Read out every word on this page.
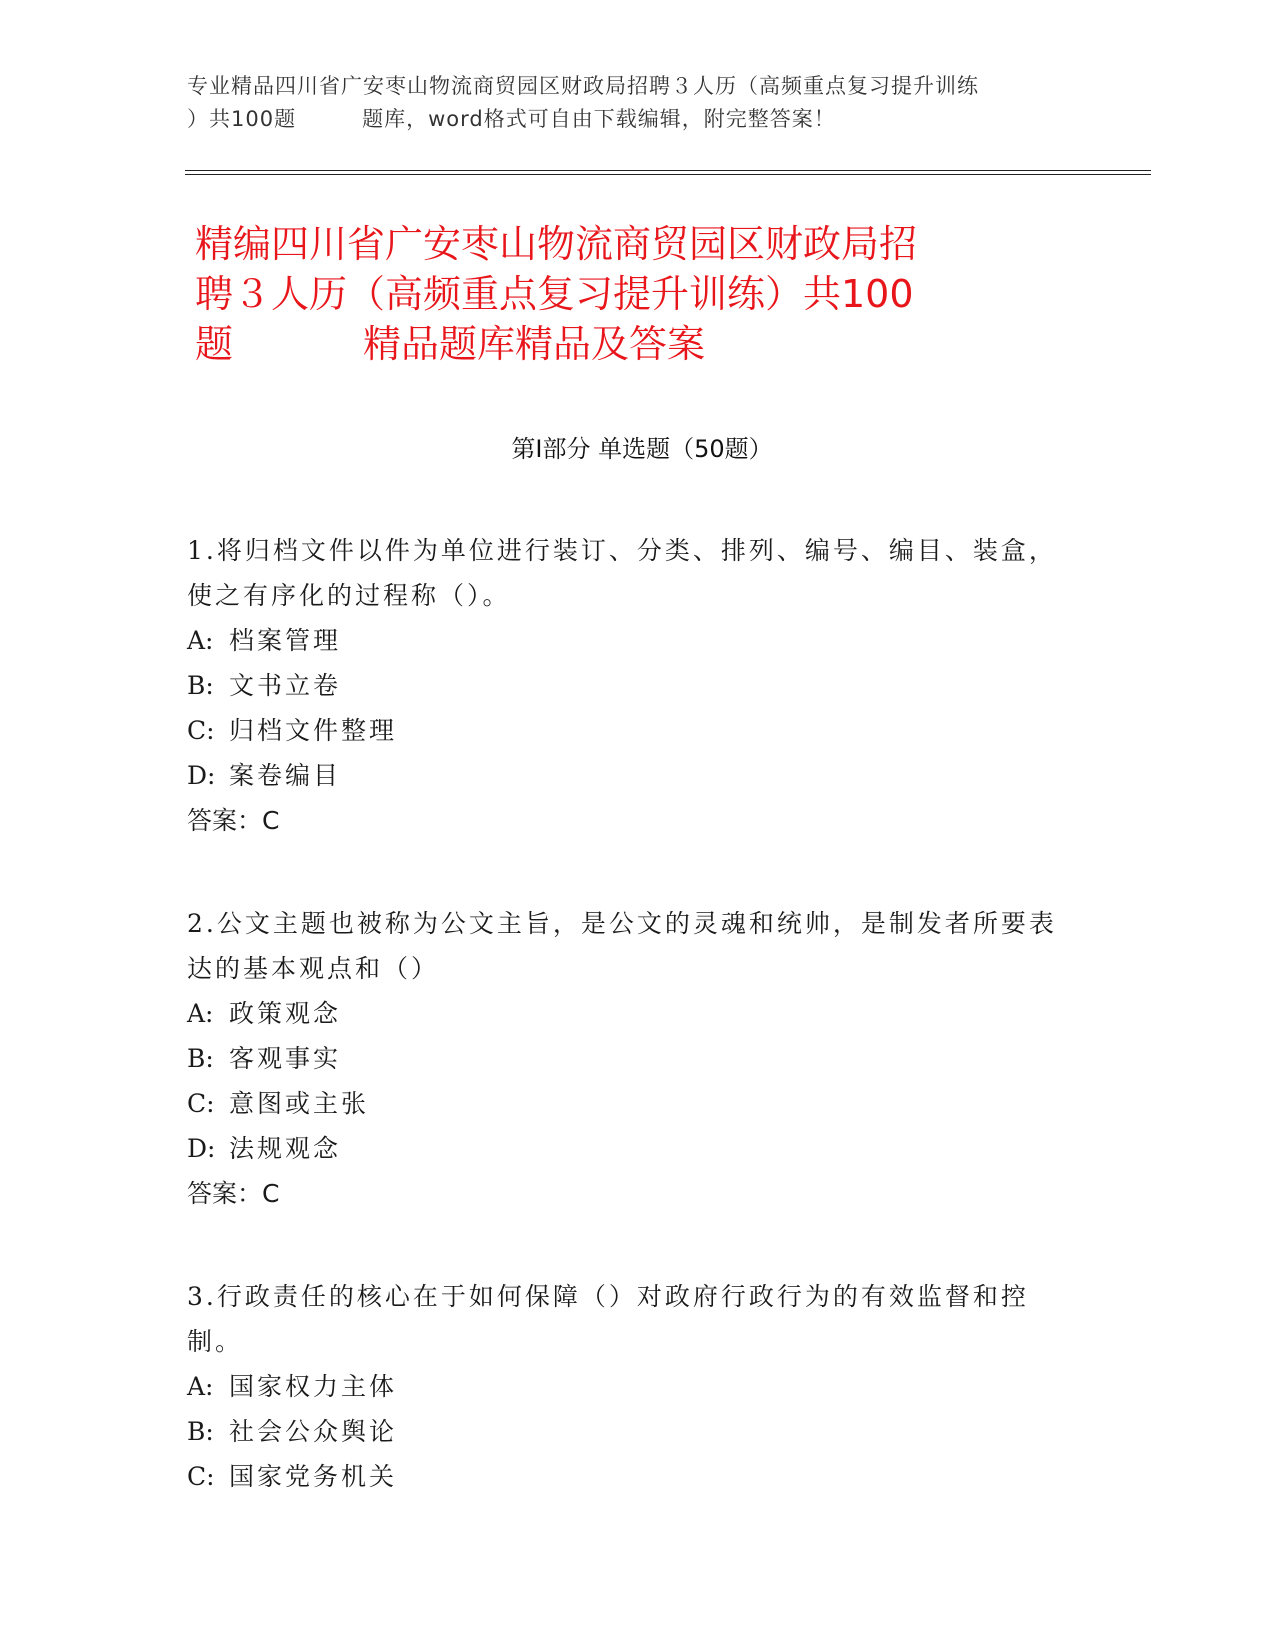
专业精品四川省广安枣山物流商贸园区财政局招聘３人历（高频重点复习提升训练
）共100题	题库，word格式可自由下载编辑，附完整答案！
精编四川省广安枣山物流商贸园区财政局招
聘３人历（高频重点复习提升训练）共100
题	精品题库精品及答案
第Ⅰ部分 单选题（50题）

1.将归档文件以件为单位进行装订、分类、排列、编号、编目、装盒，使之有序化的过程称（）。

A: 档案管理

B: 文书立卷

C: 归档文件整理

D: 案卷编目

答案：C

2.公文主题也被称为公文主旨，是公文的灵魂和统帅，是制发者所要表达的基本观点和（）

A: 政策观念

B: 客观事实

C: 意图或主张

D: 法规观念

答案：C

3.行政责任的核心在于如何保障（）对政府行政行为的有效监督和控制。

A: 国家权力主体

B: 社会公众舆论

C: 国家党务机关
